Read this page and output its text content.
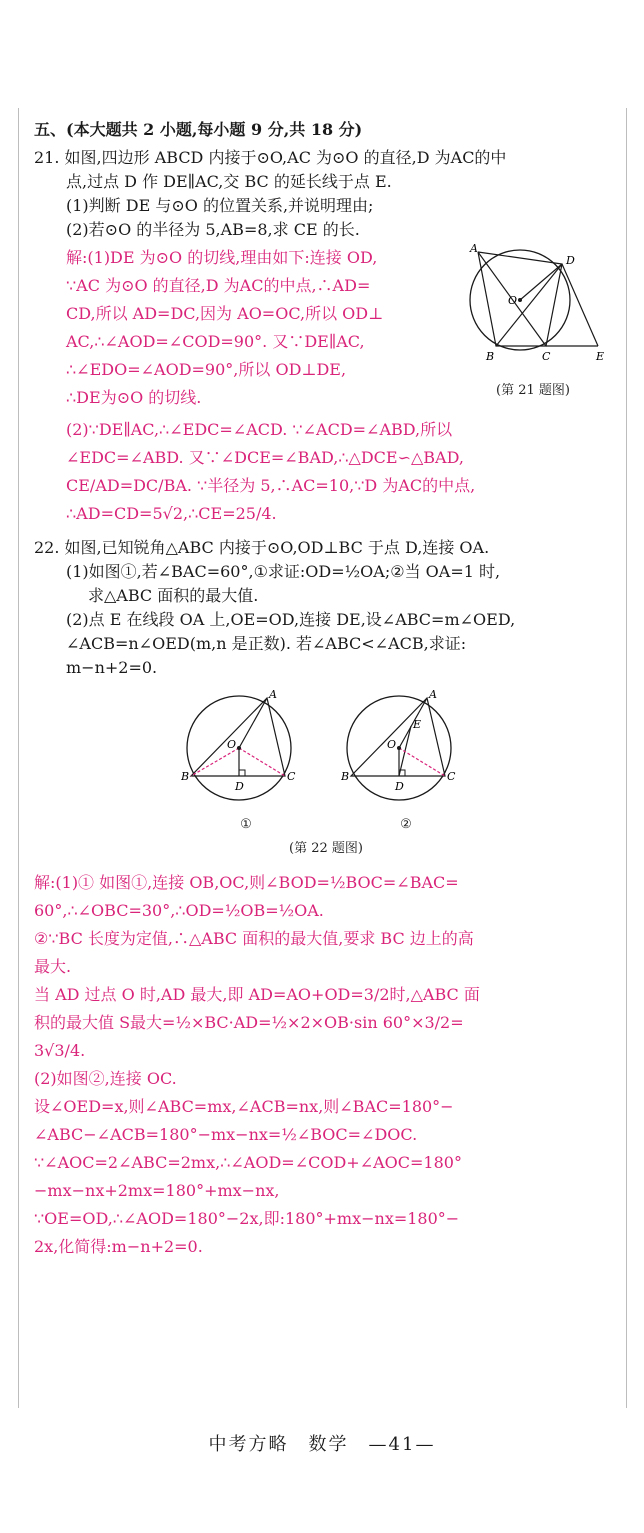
五、(本大题共 2 小题,每小题 9 分,共 18 分)

21. 如图,四边形 ABCD 内接于⊙O,AC 为⊙O 的直径,D 为AC的中

点,过点 D 作 DE∥AC,交 BC 的延长线于点 E.

(1)判断 DE 与⊙O 的位置关系,并说明理由;

(2)若⊙O 的半径为 5,AB=8,求 CE 的长.

解:(1)DE 为⊙O 的切线,理由如下:连接 OD,
∵AC 为⊙O 的直径,D 为AC的中点,∴AD=
CD,所以 AD=DC,因为 AO=OC,所以 OD⊥
AC,∴∠AOD=∠COD=90°. 又∵DE∥AC,
∴∠EDO=∠AOD=90°,所以 OD⊥DE,
∴DE为⊙O 的切线.
A
D
O
B	C	E
(第 21 题图)
(2)∵DE∥AC,∴∠EDC=∠ACD. ∵∠ACD=∠ABD,所以
∠EDC=∠ABD. 又∵∠DCE=∠BAD,∴△DCE∽△BAD,
CE/AD=DC/BA. ∵半径为 5,∴AC=10,∵D 为AC的中点,
∴AD=CD=5√2,∴CE=25/4.

22. 如图,已知锐角△ABC 内接于⊙O,OD⊥BC 于点 D,连接 OA.

(1)如图①,若∠BAC=60°,①求证:OD=½OA;②当 OA=1 时,

求△ABC 面积的最大值.

(2)点 E 在线段 OA 上,OE=OD,连接 DE,设∠ABC=m∠OED,

∠ACB=n∠OED(m,n 是正数). 若∠ABC<∠ACB,求证:

m−n+2=0.

A
O
B
D
C
①
A
E
O
B
D
C
②
(第 22 题图)
解:(1)① 如图①,连接 OB,OC,则∠BOD=½BOC=∠BAC=
60°,∴∠OBC=30°,∴OD=½OB=½OA.
②∵BC 长度为定值,∴△ABC 面积的最大值,要求 BC 边上的高
最大.
当 AD 过点 O 时,AD 最大,即 AD=AO+OD=3/2时,△ABC 面
积的最大值 S最大=½×BC·AD=½×2×OB·sin 60°×3/2=
3√3/4.
(2)如图②,连接 OC.
设∠OED=x,则∠ABC=mx,∠ACB=nx,则∠BAC=180°−
∠ABC−∠ACB=180°−mx−nx=½∠BOC=∠DOC.
∵∠AOC=2∠ABC=2mx,∴∠AOD=∠COD+∠AOC=180°
−mx−nx+2mx=180°+mx−nx,
∵OE=OD,∴∠AOD=180°−2x,即:180°+mx−nx=180°−
2x,化简得:m−n+2=0.
中考方略　数学　—41—
